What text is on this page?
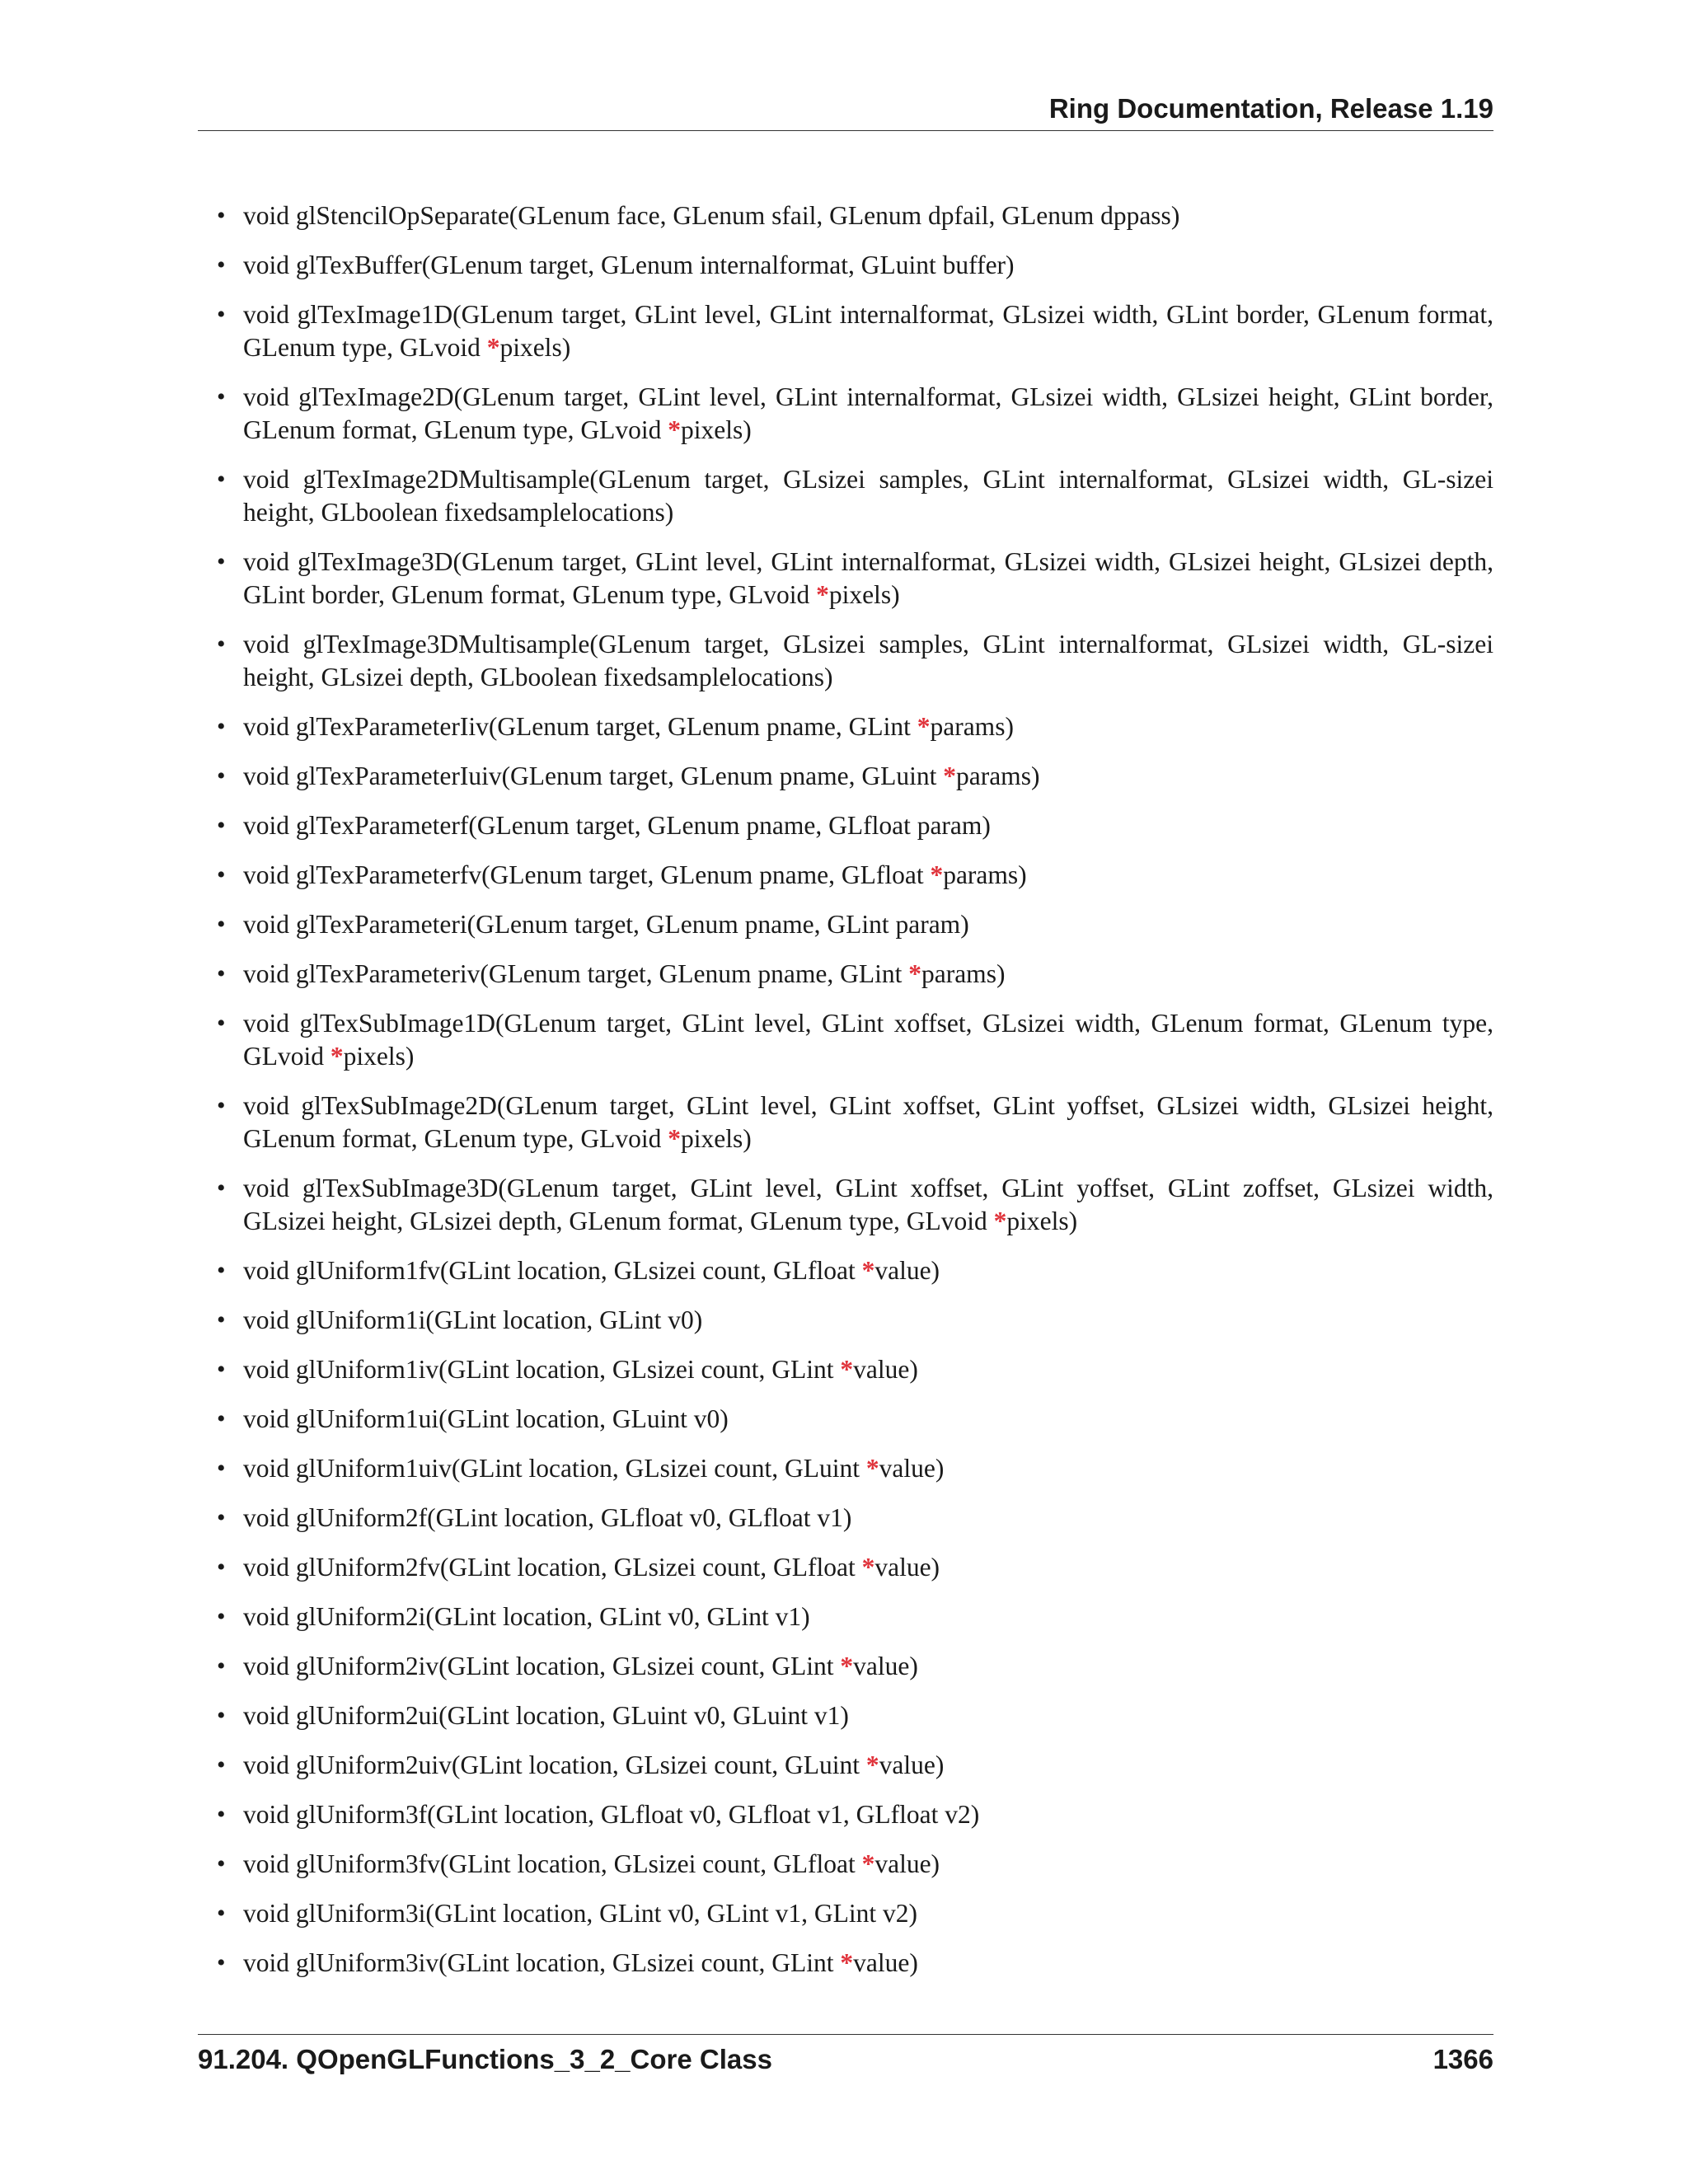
Ring Documentation, Release 1.19
• void glStencilOpSeparate(GLenum face, GLenum sfail, GLenum dpfail, GLenum dppass)
• void glTexBuffer(GLenum target, GLenum internalformat, GLuint buffer)
• void glTexImage1D(GLenum target, GLint level, GLint internalformat, GLsizei width, GLint border, GLenum format, GLenum type, GLvoid *pixels)
• void glTexImage2D(GLenum target, GLint level, GLint internalformat, GLsizei width, GLsizei height, GLint border, GLenum format, GLenum type, GLvoid *pixels)
• void glTexImage2DMultisample(GLenum target, GLsizei samples, GLint internalformat, GLsizei width, GL-sizei height, GLboolean fixedsamplelocations)
• void glTexImage3D(GLenum target, GLint level, GLint internalformat, GLsizei width, GLsizei height, GLsizei depth, GLint border, GLenum format, GLenum type, GLvoid *pixels)
• void glTexImage3DMultisample(GLenum target, GLsizei samples, GLint internalformat, GLsizei width, GL-sizei height, GLsizei depth, GLboolean fixedsamplelocations)
• void glTexParameterIiv(GLenum target, GLenum pname, GLint *params)
• void glTexParameterIuiv(GLenum target, GLenum pname, GLuint *params)
• void glTexParameterf(GLenum target, GLenum pname, GLfloat param)
• void glTexParameterfv(GLenum target, GLenum pname, GLfloat *params)
• void glTexParameteri(GLenum target, GLenum pname, GLint param)
• void glTexParameteriv(GLenum target, GLenum pname, GLint *params)
• void glTexSubImage1D(GLenum target, GLint level, GLint xoffset, GLsizei width, GLenum format, GLenum type, GLvoid *pixels)
• void glTexSubImage2D(GLenum target, GLint level, GLint xoffset, GLint yoffset, GLsizei width, GLsizei height, GLenum format, GLenum type, GLvoid *pixels)
• void glTexSubImage3D(GLenum target, GLint level, GLint xoffset, GLint yoffset, GLint zoffset, GLsizei width, GLsizei height, GLsizei depth, GLenum format, GLenum type, GLvoid *pixels)
• void glUniform1fv(GLint location, GLsizei count, GLfloat *value)
• void glUniform1i(GLint location, GLint v0)
• void glUniform1iv(GLint location, GLsizei count, GLint *value)
• void glUniform1ui(GLint location, GLuint v0)
• void glUniform1uiv(GLint location, GLsizei count, GLuint *value)
• void glUniform2f(GLint location, GLfloat v0, GLfloat v1)
• void glUniform2fv(GLint location, GLsizei count, GLfloat *value)
• void glUniform2i(GLint location, GLint v0, GLint v1)
• void glUniform2iv(GLint location, GLsizei count, GLint *value)
• void glUniform2ui(GLint location, GLuint v0, GLuint v1)
• void glUniform2uiv(GLint location, GLsizei count, GLuint *value)
• void glUniform3f(GLint location, GLfloat v0, GLfloat v1, GLfloat v2)
• void glUniform3fv(GLint location, GLsizei count, GLfloat *value)
• void glUniform3i(GLint location, GLint v0, GLint v1, GLint v2)
• void glUniform3iv(GLint location, GLsizei count, GLint *value)
91.204. QOpenGLFunctions_3_2_Core Class	1366
